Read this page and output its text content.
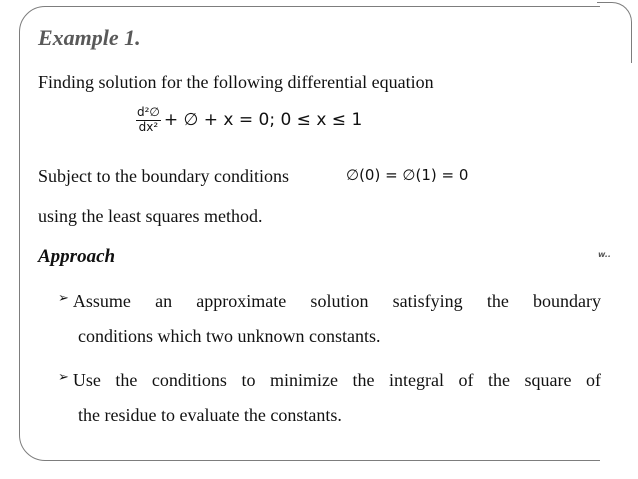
Example 1.
Finding solution for the following differential equation
$\frac{\text{d²∅}}{\text{dx²}}$ + ∅ + x = 0; 0 ≤ x ≤ 1
Subject to the boundary conditions	∅(0) = ∅(1) = 0
using the least squares method.
Approach
➢ Assume an approximate solution satisfying the boundary
conditions which two unknown constants.
➢ Use the conditions to minimize the integral of the square of
the residue to evaluate the constants.
w..
